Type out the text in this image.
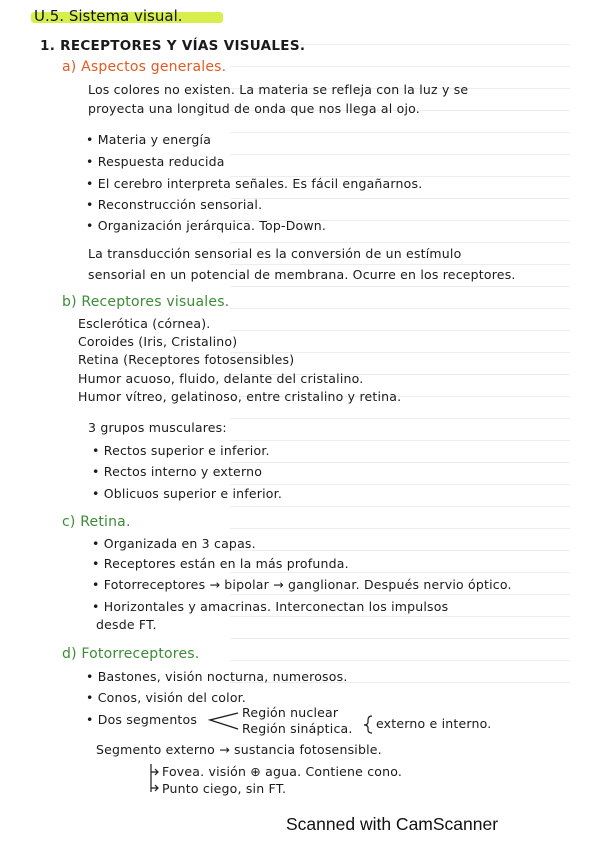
U.5. Sistema visual.
1. RECEPTORES Y VÍAS VISUALES.
a) Aspectos generales.
Los colores no existen. La materia se refleja con la luz y se
proyecta una longitud de onda que nos llega al ojo.
• Materia y energía
• Respuesta reducida
• El cerebro interpreta señales. Es fácil engañarnos.
• Reconstrucción sensorial.
• Organización jerárquica. Top-Down.
La transducción sensorial es la conversión de un estímulo
sensorial en un potencial de membrana. Ocurre en los receptores.
b) Receptores visuales.
Esclerótica (córnea).
Coroides (Iris, Cristalino)
Retina (Receptores fotosensibles)
Humor acuoso, fluido, delante del cristalino.
Humor vítreo, gelatinoso, entre cristalino y retina.
3 grupos musculares:
• Rectos superior e inferior.
• Rectos interno y externo
• Oblicuos superior e inferior.
c) Retina.
• Organizada en 3 capas.
• Receptores están en la más profunda.
• Fotorreceptores → bipolar → ganglionar. Después nervio óptico.
• Horizontales y amacrinas. Interconectan los impulsos
desde FT.
d) Fotorreceptores.
• Bastones, visión nocturna, numerosos.
• Conos, visión del color.
• Dos segmentos	Región nuclear
Región sináptica. externo e interno.
Segmento externo → sustancia fotosensible.
Fovea. visión ⊕ agua. Contiene cono.
Punto ciego, sin FT.
Scanned with CamScanner
